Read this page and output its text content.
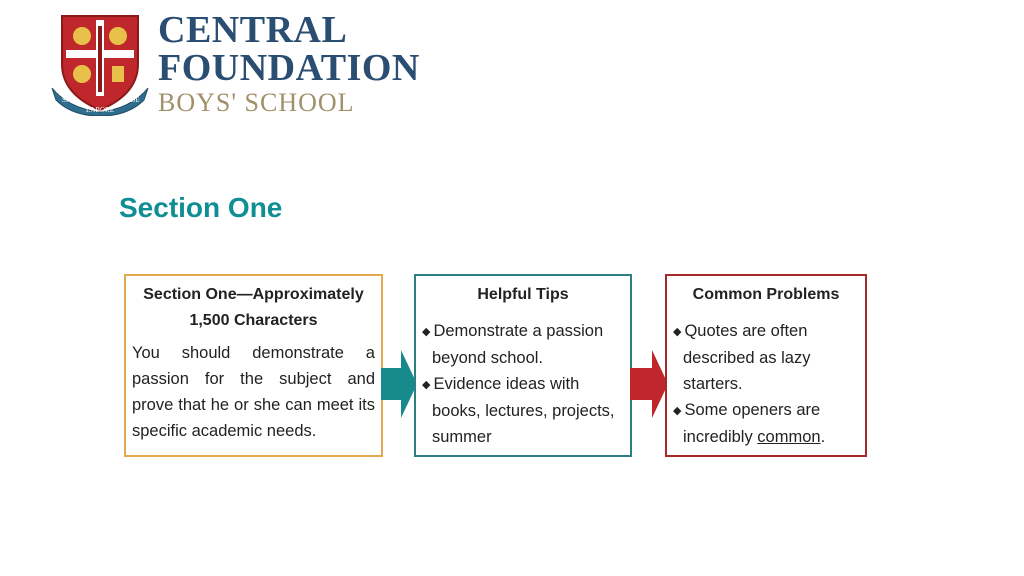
SPE
LABORE
FIDE
CENTRAL
FOUNDATION
BOYS' SCHOOL
Section One
Section One—Approximately
1,500 Characters
You should demonstrate a passion for the subject and prove that he or she can meet its specific academic needs.
Helpful Tips
◆ Demonstrate a passion
beyond school.
◆ Evidence ideas with
books, lectures, projects, summer
Common Problems
◆ Quotes are often
described as lazy starters.
◆ Some openers are
incredibly common.
